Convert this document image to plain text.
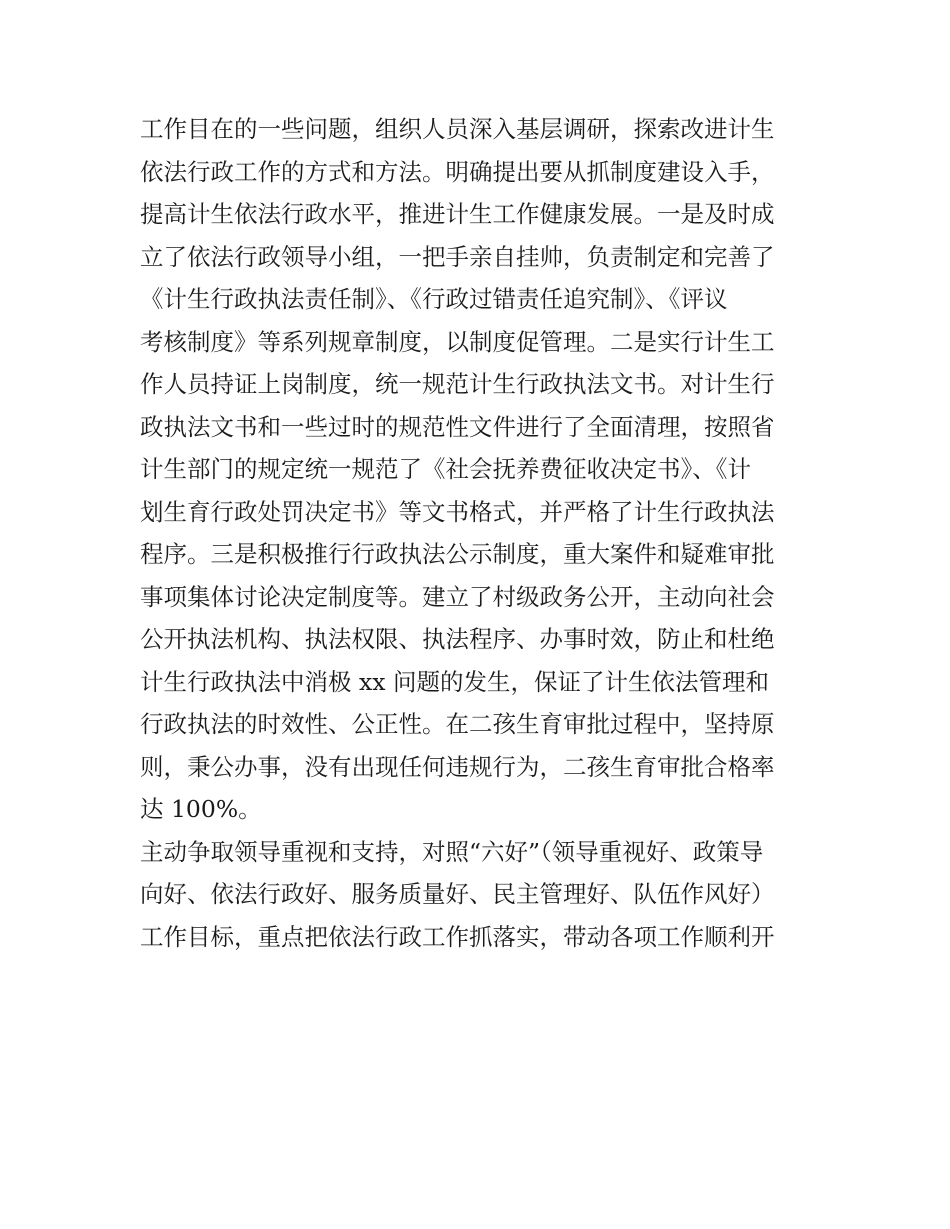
工作目在的一些问题，组织人员深入基层调研，探索改进计生
依法行政工作的方式和方法。明确提出要从抓制度建设入手，
提高计生依法行政水平，推进计生工作健康发展。一是及时成
立了依法行政领导小组，一把手亲自挂帅，负责制定和完善了
《计生行政执法责任制》、《行政过错责任追究制》、《评议
考核制度》等系列规章制度，以制度促管理。二是实行计生工
作人员持证上岗制度，统一规范计生行政执法文书。对计生行
政执法文书和一些过时的规范性文件进行了全面清理，按照省
计生部门的规定统一规范了《社会抚养费征收决定书》、《计
划生育行政处罚决定书》等文书格式，并严格了计生行政执法
程序。三是积极推行行政执法公示制度，重大案件和疑难审批
事项集体讨论决定制度等。建立了村级政务公开，主动向社会
公开执法机构、执法权限、执法程序、办事时效，防止和杜绝
计生行政执法中消极 xx 问题的发生，保证了计生依法管理和
行政执法的时效性、公正性。在二孩生育审批过程中，坚持原
则，秉公办事，没有出现任何违规行为，二孩生育审批合格率
达 100%。
主动争取领导重视和支持，对照“六好”（领导重视好、政策导
向好、依法行政好、服务质量好、民主管理好、队伍作风好）
工作目标，重点把依法行政工作抓落实，带动各项工作顺利开
